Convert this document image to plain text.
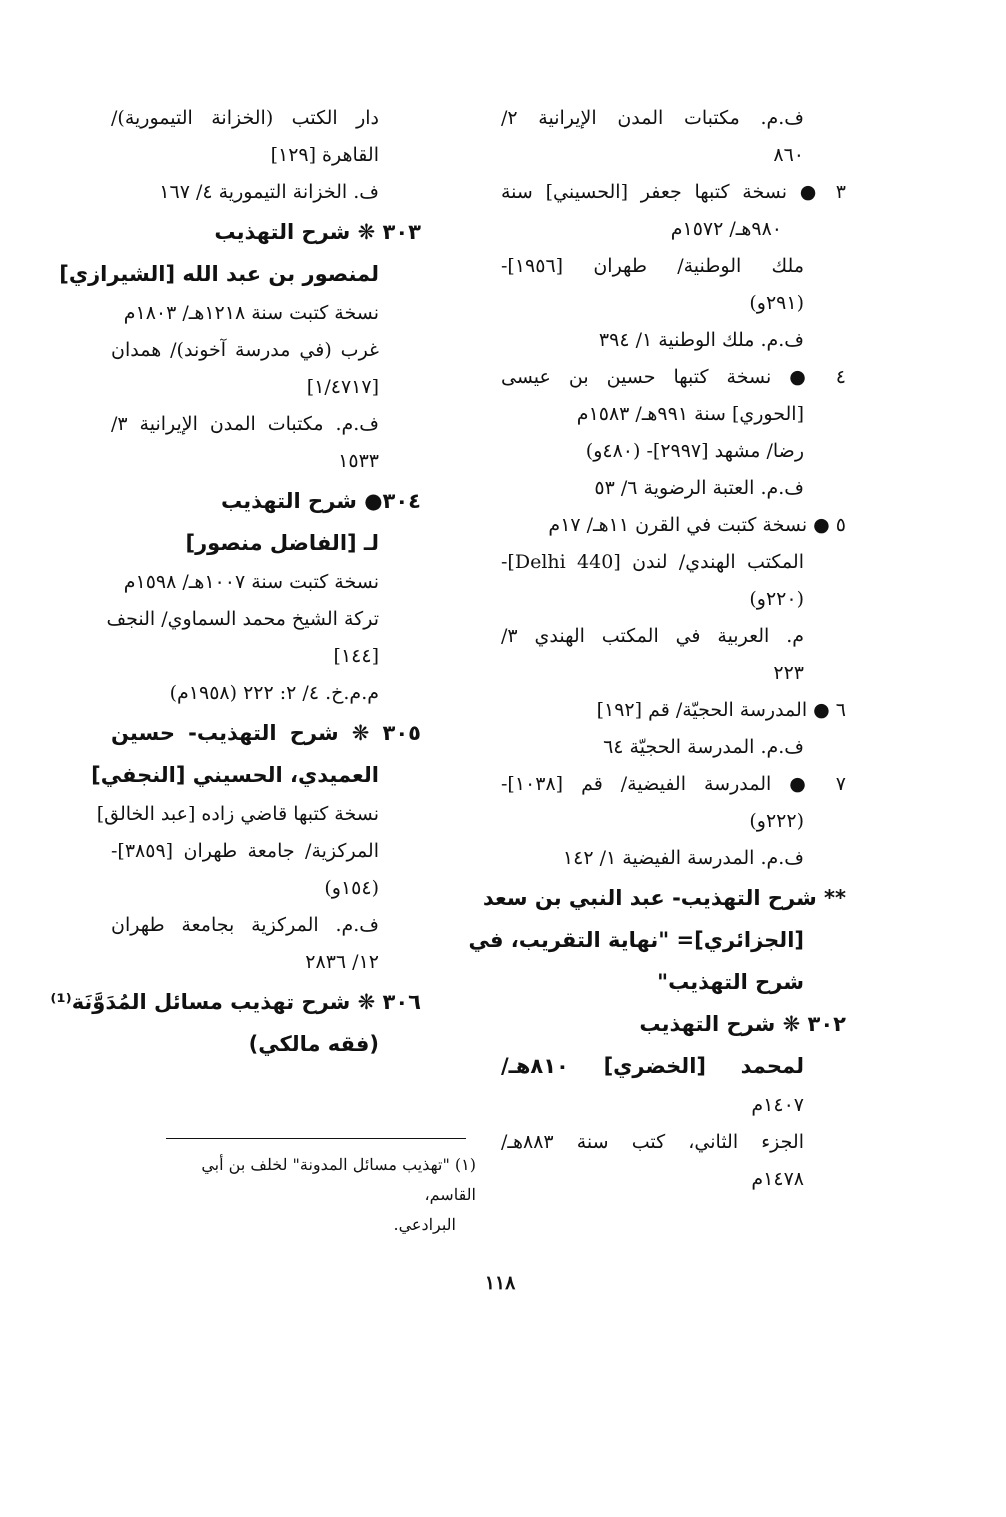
ف.م. مكتبات المدن الإيرانية ٢/
٨٦٠
٣ ● نسخة كتبها جعفر [الحسيني] سنة
٩٨٠هـ/ ١٥٧٢م
ملك الوطنية/ طهران [١٩٥٦]-
(٢٩١و)
ف.م. ملك الوطنية ١/ ٣٩٤
٤ ● نسخة كتبها حسين بن عيسى
[الحوري] سنة ٩٩١هـ/ ١٥٨٣م
رضا/ مشهد [٢٩٩٧]- (٤٨٠و)
ف.م. العتبة الرضوية ٦/ ٥٣
٥ ● نسخة كتبت في القرن ١١هـ/ ١٧م
المكتب الهندي/ لندن [Delhi 440]-
(٢٢٠و)
م. العربية في المكتب الهندي ٣/
٢٢٣
٦ ● المدرسة الحجيّة/ قم [١٩٢]
ف.م. المدرسة الحجيّة ٦٤
٧ ● المدرسة الفيضية/ قم [١٠٣٨]-
(٢٢٢و)
ف.م. المدرسة الفيضية ١/ ١٤٢
** شرح التهذيب- عبد النبي بن سعد
[الجزائري]= "نهاية التقريب، في
شرح التهذيب"
٣٠٢ ❋ شرح التهذيب
لمحمد [الخضري] ٨١٠هـ/
١٤٠٧م
الجزء الثاني، كتب سنة ٨٨٣هـ/
١٤٧٨م
دار الكتب (الخزانة التيمورية)/
القاهرة [١٢٩]
ف. الخزانة التيمورية ٤/ ١٦٧
٣٠٣ ❋ شرح التهذيب
لمنصور بن عبد الله [الشيرازي]
نسخة كتبت سنة ١٢١٨هـ/ ١٨٠٣م
غرب (في مدرسة آخوند)/ همدان
[١/٤٧١٧]
ف.م. مكتبات المدن الإيرانية ٣/
١٥٣٣
٣٠٤● شرح التهذيب
لـ [الفاضل منصور]
نسخة كتبت سنة ١٠٠٧هـ/ ١٥٩٨م
تركة الشيخ محمد السماوي/ النجف
[١٤٤]
م.م.خ. ٤/ ٢: ٢٢٢ (١٩٥٨م)
٣٠٥ ❋ شرح التهذيب- حسين
العميدي، الحسيني [النجفي]
نسخة كتبها قاضي زاده [عبد الخالق]
المركزية/ جامعة طهران [٣٨٥٩]-
(١٥٤و)
ف.م. المركزية بجامعة طهران
١٢/ ٢٨٣٦
٣٠٦ ❋ شرح تهذيب مسائل المُدَوَّنَة⁽¹⁾
(فقه مالكي)
(١) "تهذيب مسائل المدونة" لخلف بن أبي القاسم،
البرادعي.
١١٨
